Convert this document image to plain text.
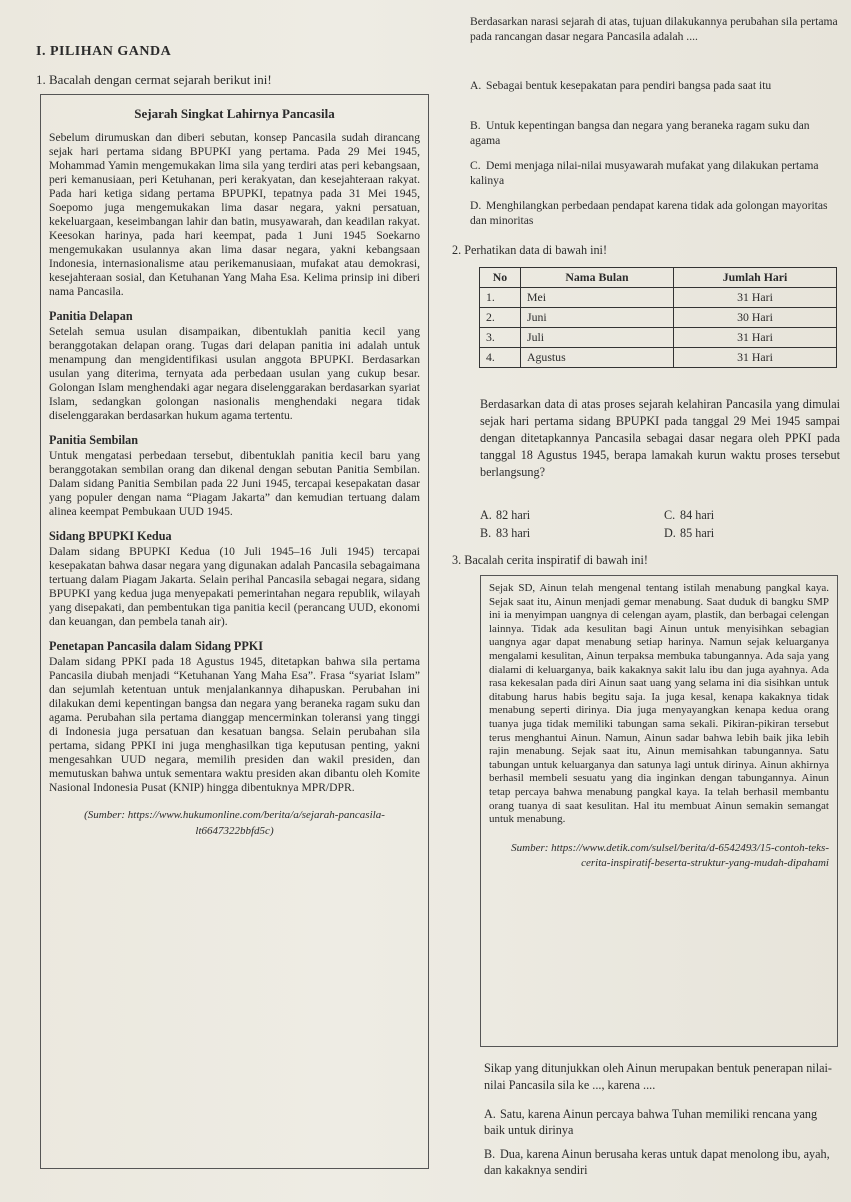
I. PILIHAN GANDA
1. Bacalah dengan cermat sejarah berikut ini!
Sejarah Singkat Lahirnya Pancasila

Sebelum dirumuskan dan diberi sebutan, konsep Pancasila sudah dirancang sejak hari pertama sidang BPUPKI yang pertama. Pada 29 Mei 1945, Mohammad Yamin mengemukakan lima sila yang terdiri atas peri kebangsaan, peri kemanusiaan, peri Ketuhanan, peri kerakyatan, dan kesejahteraan rakyat. Pada hari ketiga sidang pertama BPUPKI, tepatnya pada 31 Mei 1945, Soepomo juga mengemukakan lima dasar negara, yakni persatuan, kekeluargaan, keseimbangan lahir dan batin, musyawarah, dan keadilan rakyat. Keesokan harinya, pada hari keempat, pada 1 Juni 1945 Soekarno mengemukakan usulannya akan lima dasar negara, yakni kebangsaan Indonesia, internasionalisme atau perikemanusiaan, mufakat atau demokrasi, kesejahteraan sosial, dan Ketuhanan Yang Maha Esa. Kelima prinsip ini diberi nama Pancasila.

Panitia Delapan

Setelah semua usulan disampaikan, dibentuklah panitia kecil yang beranggotakan delapan orang. Tugas dari delapan panitia ini adalah untuk menampung dan mengidentifikasi usulan anggota BPUPKI. Berdasarkan usulan yang diterima, ternyata ada perbedaan usulan yang cukup besar. Golongan Islam menghendaki agar negara diselenggarakan berdasarkan syariat Islam, sedangkan golongan nasionalis menghendaki negara tidak diselenggarakan berdasarkan hukum agama tertentu.

Panitia Sembilan

Untuk mengatasi perbedaan tersebut, dibentuklah panitia kecil baru yang beranggotakan sembilan orang dan dikenal dengan sebutan Panitia Sembilan. Dalam sidang Panitia Sembilan pada 22 Juni 1945, tercapai kesepakatan dasar yang populer dengan nama “Piagam Jakarta” dan kemudian tertuang dalam alinea keempat Pembukaan UUD 1945.

Sidang BPUPKI Kedua

Dalam sidang BPUPKI Kedua (10 Juli 1945–16 Juli 1945) tercapai kesepakatan bahwa dasar negara yang digunakan adalah Pancasila sebagaimana tertuang dalam Piagam Jakarta. Selain perihal Pancasila sebagai negara, sidang BPUPKI yang kedua juga menyepakati pemerintahan negara republik, wilayah yang disepakati, dan pembentukan tiga panitia kecil (perancang UUD, ekonomi dan keuangan, dan pembela tanah air).

Penetapan Pancasila dalam Sidang PPKI

Dalam sidang PPKI pada 18 Agustus 1945, ditetapkan bahwa sila pertama Pancasila diubah menjadi “Ketuhanan Yang Maha Esa”. Frasa “syariat Islam” dan sejumlah ketentuan untuk menjalankannya dihapuskan. Perubahan ini dilakukan demi kepentingan bangsa dan negara yang beraneka ragam suku dan agama. Perubahan sila pertama dianggap mencerminkan toleransi yang tinggi di Indonesia juga persatuan dan kesatuan bangsa. Selain perubahan sila pertama, sidang PPKI ini juga menghasilkan tiga keputusan penting, yakni mengesahkan UUD negara, memilih presiden dan wakil presiden, dan memutuskan bahwa untuk sementara waktu presiden akan dibantu oleh Komite Nasional Indonesia Pusat (KNIP) hingga dibentuknya MPR/DPR.

(Sumber: https://www.hukumonline.com/berita/a/sejarah-pancasila-lt6647322bbfd5c)
Berdasarkan narasi sejarah di atas, tujuan dilakukannya perubahan sila pertama pada rancangan dasar negara Pancasila adalah ....
A. Sebagai bentuk kesepakatan para pendiri bangsa pada saat itu
B. Untuk kepentingan bangsa dan negara yang beraneka ragam suku dan agama
C. Demi menjaga nilai-nilai musyawarah mufakat yang dilakukan pertama kalinya
D. Menghilangkan perbedaan pendapat karena tidak ada golongan mayoritas dan minoritas
2. Perhatikan data di bawah ini!
No	Nama Bulan	Jumlah Hari
1.	Mei	31 Hari
2.	Juni	30 Hari
3.	Juli	31 Hari
4.	Agustus	31 Hari
Berdasarkan data di atas proses sejarah kelahiran Pancasila yang dimulai sejak hari pertama sidang BPUPKI pada tanggal 29 Mei 1945 sampai dengan ditetapkannya Pancasila sebagai dasar negara oleh PPKI pada tanggal 18 Agustus 1945, berapa lamakah kurun waktu proses tersebut berlangsung?
A. 82 hari
B. 83 hari
C. 84 hari
D. 85 hari
3. Bacalah cerita inspiratif di bawah ini!
Sejak SD, Ainun telah mengenal tentang istilah menabung pangkal kaya. Sejak saat itu, Ainun menjadi gemar menabung. Saat duduk di bangku SMP ini ia menyimpan uangnya di celengan ayam, plastik, dan berbagai celengan lainnya. Tidak ada kesulitan bagi Ainun untuk menyisihkan sebagian uangnya agar dapat menabung setiap harinya. Namun sejak keluarganya mengalami kesulitan, Ainun terpaksa membuka tabungannya. Ada saja yang dialami di keluarganya, baik kakaknya sakit lalu ibu dan juga ayahnya. Ada rasa kekesalan pada diri Ainun saat uang yang selama ini dia sisihkan untuk ditabung harus habis begitu saja. Ia juga kesal, kenapa kakaknya tidak menabung seperti dirinya. Dia juga menyayangkan kenapa kedua orang tuanya juga tidak memiliki tabungan sama sekali. Pikiran-pikiran tersebut terus menghantui Ainun. Namun, Ainun sadar bahwa lebih baik jika lebih rajin menabung. Sejak saat itu, Ainun memisahkan tabungannya. Satu tabungan untuk keluarganya dan satunya lagi untuk dirinya. Ainun akhirnya berhasil membeli sesuatu yang dia inginkan dengan tabungannya. Ainun tetap percaya bahwa menabung pangkal kaya. Ia telah berhasil membantu orang tuanya di saat kesulitan. Hal itu membuat Ainun semakin semangat untuk menabung.
Sumber: https://www.detik.com/sulsel/berita/d-6542493/15-contoh-teks-cerita-inspiratif-beserta-struktur-yang-mudah-dipahami
Sikap yang ditunjukkan oleh Ainun merupakan bentuk penerapan nilai-nilai Pancasila sila ke ..., karena ....
A. Satu, karena Ainun percaya bahwa Tuhan memiliki rencana yang baik untuk dirinya
B. Dua, karena Ainun berusaha keras untuk dapat menolong ibu, ayah, dan kakaknya sendiri
